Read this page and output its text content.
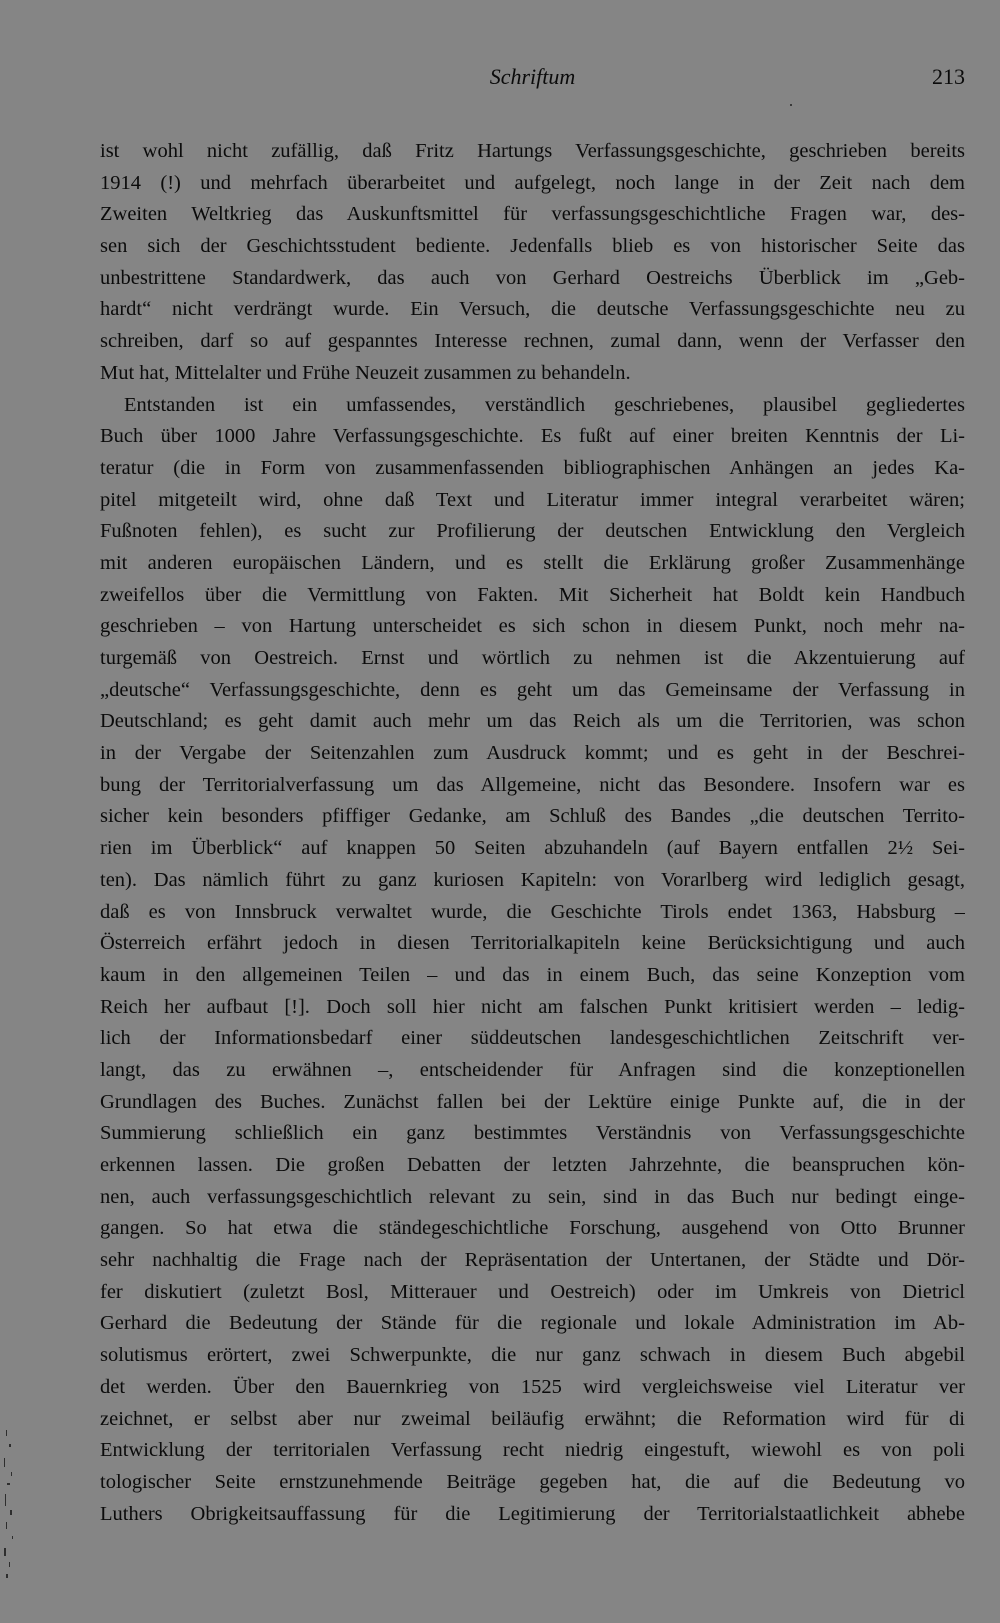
Schriftum	213
ist wohl nicht zufällig, daß Fritz Hartungs Verfassungsgeschichte, geschrieben bereits
1914 (!) und mehrfach überarbeitet und aufgelegt, noch lange in der Zeit nach dem
Zweiten Weltkrieg das Auskunftsmittel für verfassungsgeschichtliche Fragen war, des-
sen sich der Geschichtsstudent bediente. Jedenfalls blieb es von historischer Seite das
unbestrittene Standardwerk, das auch von Gerhard Oestreichs Überblick im „Geb-
hardt“ nicht verdrängt wurde. Ein Versuch, die deutsche Verfassungsgeschichte neu zu
schreiben, darf so auf gespanntes Interesse rechnen, zumal dann, wenn der Verfasser den
Mut hat, Mittelalter und Frühe Neuzeit zusammen zu behandeln.
Entstanden ist ein umfassendes, verständlich geschriebenes, plausibel gegliedertes
Buch über 1000 Jahre Verfassungsgeschichte. Es fußt auf einer breiten Kenntnis der Li-
teratur (die in Form von zusammenfassenden bibliographischen Anhängen an jedes Ka-
pitel mitgeteilt wird, ohne daß Text und Literatur immer integral verarbeitet wären;
Fußnoten fehlen), es sucht zur Profilierung der deutschen Entwicklung den Vergleich
mit anderen europäischen Ländern, und es stellt die Erklärung großer Zusammenhänge
zweifellos über die Vermittlung von Fakten. Mit Sicherheit hat Boldt kein Handbuch
geschrieben – von Hartung unterscheidet es sich schon in diesem Punkt, noch mehr na-
turgemäß von Oestreich. Ernst und wörtlich zu nehmen ist die Akzentuierung auf
„deutsche“ Verfassungsgeschichte, denn es geht um das Gemeinsame der Verfassung in
Deutschland; es geht damit auch mehr um das Reich als um die Territorien, was schon
in der Vergabe der Seitenzahlen zum Ausdruck kommt; und es geht in der Beschrei-
bung der Territorialverfassung um das Allgemeine, nicht das Besondere. Insofern war es
sicher kein besonders pfiffiger Gedanke, am Schluß des Bandes „die deutschen Territo-
rien im Überblick“ auf knappen 50 Seiten abzuhandeln (auf Bayern entfallen 2½ Sei-
ten). Das nämlich führt zu ganz kuriosen Kapiteln: von Vorarlberg wird lediglich gesagt,
daß es von Innsbruck verwaltet wurde, die Geschichte Tirols endet 1363, Habsburg –
Österreich erfährt jedoch in diesen Territorialkapiteln keine Berücksichtigung und auch
kaum in den allgemeinen Teilen – und das in einem Buch, das seine Konzeption vom
Reich her aufbaut [!]. Doch soll hier nicht am falschen Punkt kritisiert werden – ledig-
lich der Informationsbedarf einer süddeutschen landesgeschichtlichen Zeitschrift ver-
langt, das zu erwähnen –, entscheidender für Anfragen sind die konzeptionellen
Grundlagen des Buches. Zunächst fallen bei der Lektüre einige Punkte auf, die in der
Summierung schließlich ein ganz bestimmtes Verständnis von Verfassungsgeschichte
erkennen lassen. Die großen Debatten der letzten Jahrzehnte, die beanspruchen kön-
nen, auch verfassungsgeschichtlich relevant zu sein, sind in das Buch nur bedingt einge-
gangen. So hat etwa die ständegeschichtliche Forschung, ausgehend von Otto Brunner
sehr nachhaltig die Frage nach der Repräsentation der Untertanen, der Städte und Dör-
fer diskutiert (zuletzt Bosl, Mitterauer und Oestreich) oder im Umkreis von Dietricl
Gerhard die Bedeutung der Stände für die regionale und lokale Administration im Ab-
solutismus erörtert, zwei Schwerpunkte, die nur ganz schwach in diesem Buch abgebil
det werden. Über den Bauernkrieg von 1525 wird vergleichsweise viel Literatur ver
zeichnet, er selbst aber nur zweimal beiläufig erwähnt; die Reformation wird für di
Entwicklung der territorialen Verfassung recht niedrig eingestuft, wiewohl es von poli
tologischer Seite ernstzunehmende Beiträge gegeben hat, die auf die Bedeutung vo
Luthers Obrigkeitsauffassung für die Legitimierung der Territorialstaatlichkeit abhebe
